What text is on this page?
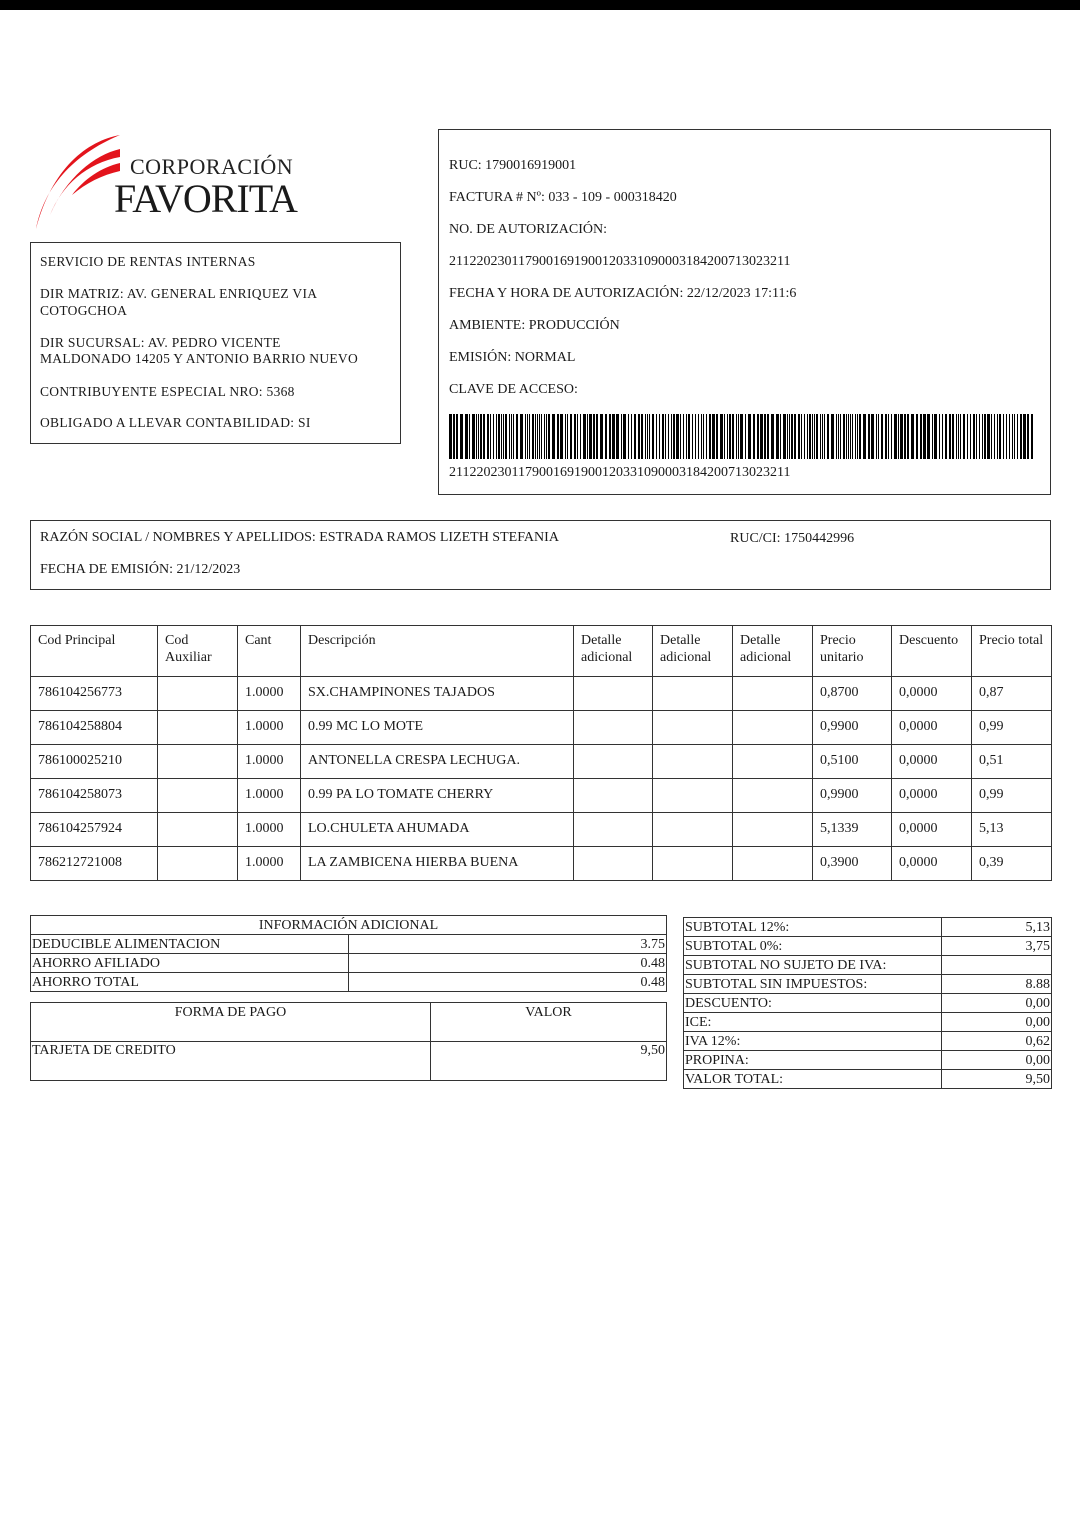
CORPORACIÓN
FAVORITA
SERVICIO DE RENTAS INTERNAS
DIR MATRIZ: AV. GENERAL ENRIQUEZ VIA
COTOGCHOA
DIR SUCURSAL: AV. PEDRO VICENTE
MALDONADO 14205 Y ANTONIO BARRIO NUEVO
CONTRIBUYENTE ESPECIAL NRO: 5368
OBLIGADO A LLEVAR CONTABILIDAD: SI
RUC: 1790016919001
FACTURA # Nº: 033 - 109 - 000318420
NO. DE AUTORIZACIÓN:
2112202301179001691900120331090003184200713023211
FECHA Y HORA DE AUTORIZACIÓN: 22/12/2023 17:11:6
AMBIENTE: PRODUCCIÓN
EMISIÓN: NORMAL
CLAVE DE ACCESO:
2112202301179001691900120331090003184200713023211
RAZÓN SOCIAL / NOMBRES Y APELLIDOS: ESTRADA RAMOS LIZETH STEFANIA	RUC/CI: 1750442996
FECHA DE EMISIÓN: 21/12/2023
Cod Principal	Cod Auxiliar	Cant	Descripción	Detalle adicional	Detalle adicional	Detalle adicional	Precio unitario	Descuento	Precio total
786104256773		1.0000	SX.CHAMPINONES TAJADOS				0,8700	0,0000	0,87
786104258804		1.0000	0.99 MC LO MOTE				0,9900	0,0000	0,99
786100025210		1.0000	ANTONELLA CRESPA LECHUGA.				0,5100	0,0000	0,51
786104258073		1.0000	0.99 PA LO TOMATE CHERRY				0,9900	0,0000	0,99
786104257924		1.0000	LO.CHULETA AHUMADA				5,1339	0,0000	5,13
786212721008		1.0000	LA ZAMBICENA HIERBA BUENA				0,3900	0,0000	0,39
INFORMACIÓN ADICIONAL	
DEDUCIBLE ALIMENTACION	3.75
AHORRO AFILIADO	0.48
AHORRO TOTAL	0.48
FORMA DE PAGO	VALOR
TARJETA DE CREDITO	9,50
SUBTOTAL 12%:	5,13
SUBTOTAL 0%:	3,75
SUBTOTAL NO SUJETO DE IVA:	
SUBTOTAL SIN IMPUESTOS:	8.88
DESCUENTO:	0,00
ICE:	0,00
IVA 12%:	0,62
PROPINA:	0,00
VALOR TOTAL:	9,50
